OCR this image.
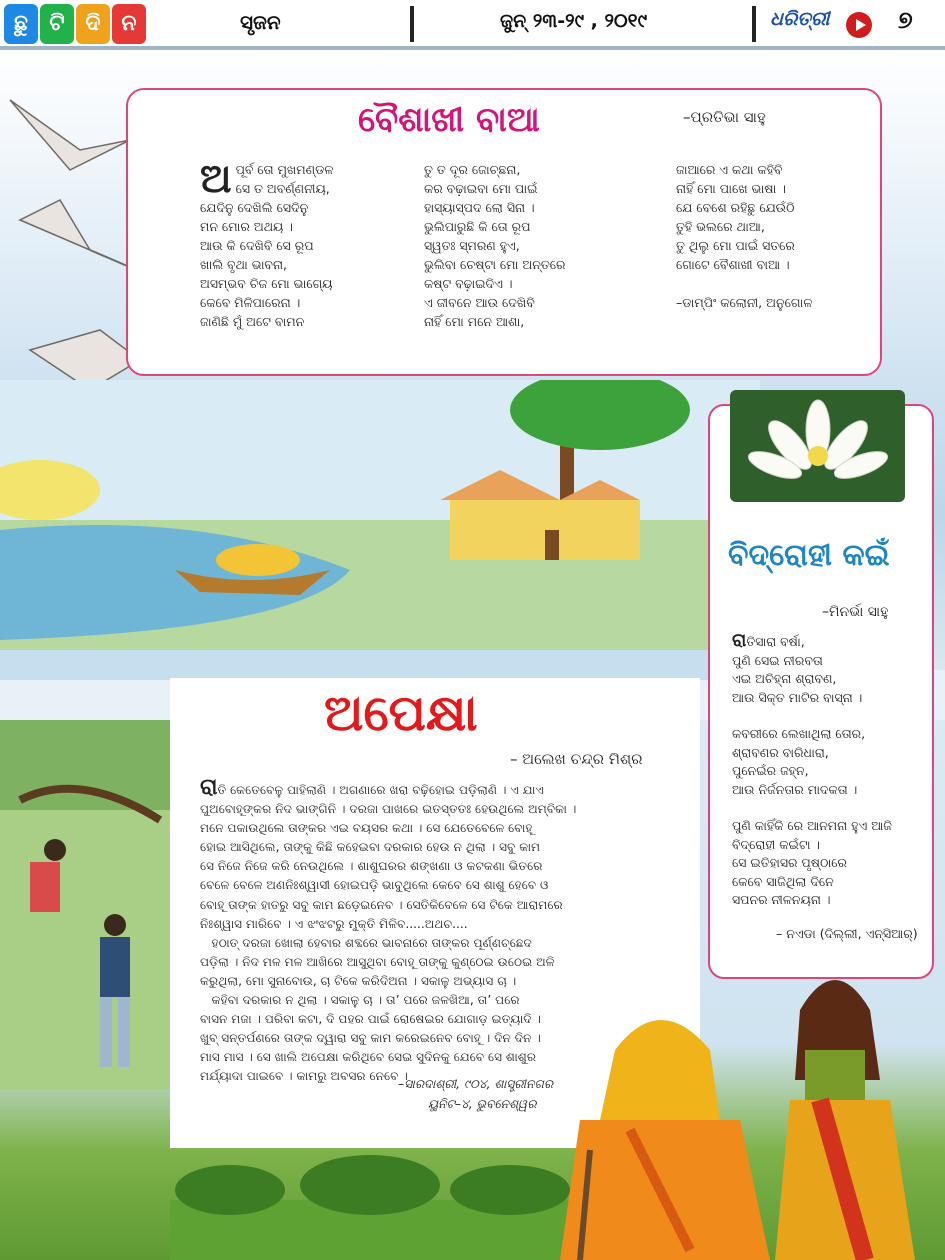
ଛୁ ଟି ଦି ନ	ସୃଜନ	ଜୁନ୍ ୨୩-୨୯ , ୨୦୧୯	ଧରିତ୍ରୀ	୭
ବୈଶାଖୀ ବାଆ	–ପ୍ରତିଭା ସାହୁ
ଅ ପୂର୍ବ ତୋ ମୁଖମଣ୍ଡଳ
ସେ ତ ଅବର୍ଣ୍ଣନୀୟ,
ଯେଦିନୁ ଦେଖିଲି ସେଦିନୁ
ମନ ମୋର ଅଥୟ ।
ଆଉ କି ଦେଖିବି ସେ ରୂପ
ଖାଲି ବୃଥା ଭାବନା,
ଅସମ୍ଭବ ଚିଜ ମୋ ଭାଗ୍ୟେ
କେବେ ମିଳିପାରେନା ।
ଜାଣିଛି ମୁଁ ଅଟେ ବାମନ
ତୁ ତ ଦୂର ଜୋଚ୍ଛନା,
କର ବଢ଼ାଇବା ମୋ ପାଇଁ
ହାସ୍ୟାସ୍ପଦ ଲୋ ସିନା ।
ଭୁଲିପାରୁଛି କି ତୋ ରୂପ
ସ୍ୱତଃ ସ୍ମରଣ ହୁଏ,
ଭୁଲିବା ଚେଷ୍ଟା ମୋ ଅନ୍ତରେ
କଷ୍ଟ ବଢ଼ାଇଦିଏ ।
ଏ ଜୀବନେ ଆଉ ଦେଖିବି
ନାହିଁ ମୋ ମନେ ଆଶା,
ଜାଆରେ ଏ କଥା କହିବି
ନାହିଁ ମୋ ପାଖେ ଭାଷା ।
ଯେ ବେଶେ ରହିଛୁ ଯେଉଁଠି
ତୁହି ଭଲରେ ଥାଆ,
ତୁ ଥିଲୁ ମୋ ପାଇଁ ସତରେ
ଗୋଟେ ବୈଶାଖୀ ବାଆ ।
–ଡାମ୍ପିଂ କଲୋନୀ, ଅନୁଗୋଳ
ବିଦ୍ରୋହୀ କଇଁ
–ମିନର୍ଭା ସାହୁ
ରାତିସାରା ବର୍ଷା,
ପୁଣି ସେଇ ନୀରବତା
ଏଇ ଅଚିହ୍ନା ଶ୍ରାବଣ,
ଆଉ ସିକ୍ତ ମାଟିର ବାସ୍ନା ।
କବରୀରେ ଲେଖାଥିଲା ତୋର,
ଶ୍ରାବଣର ବାରିଧାରା,
ପୁନେଇଁର ଜହ୍ନ,
ଆଉ ନିର୍ଜନତାର ମାଦକତା ।
ପୁଣି କାହିଁକି ରେ ଆନମନା ହୁଏ ଆଜି
ବିଦ୍ରୋହୀ କଇଁଟା ।
ସେ ଇତିହାସର ପୃଷ୍ଠାରେ
କେବେ ସାଜିଥିଲା ଦିନେ
ସପନର ନୀଳନୟନା ।
– ନଏଡା (ଦିଲ୍ଲୀ, ଏନ୍‌ସିଆର୍)
ଅପେକ୍ଷା
– ଅଲେଖ ଚନ୍ଦ୍ର ମିଶ୍ର
ରାତି କେତେବେଳୁ ପାହିଲାଣି । ଅଗଣାରେ ଖରା ବଢ଼ିହୋଇ ପଡ଼ିଲାଣି । ଏ ଯାଏ
ପୁଅବୋହୂଙ୍କର ନିଦ ଭାଙ୍ଗିନି । ଦରଜା ପାଖରେ ଇତସ୍ତତଃ ହେଉଥିଲେ ଅମ୍ବିକା ।
ମନେ ପକାଉଥିଲେ ତାଙ୍କର ଏଇ ବୟସର କଥା । ସେ ଯେତେବେଳେ ବୋହୂ
ହୋଇ ଆସିଥିଲେ, ତାଙ୍କୁ କିଛି କହେଇବା ଦରକାର ହେଉ ନ ଥିଲା । ସବୁ କାମ
ସେ ନିଜେ ନିଜେ କରି ନେଉଥିଲେ । ଶାଶୁଘରର ଶଙ୍ଖଣା ଓ କଟକଣା ଭିତରେ
ବେଳେ ବେଳେ ଅଣନିଃଶ୍ୱାସୀ ହୋଇପଡ଼ି ଭାବୁଥିଲେ କେବେ ସେ ଶାଶୁ ହେବେ ଓ
ବୋହୂ ତାଙ୍କ ହାତରୁ ସବୁ କାମ ଛଡ଼େଇନେବ । ସେତିକିବେଳେ ସେ ଟିକେ ଆରାମରେ
ନିଃଶ୍ୱାସ ମାରିବେ । ଏ ଝଂଝଟରୁ ମୁକ୍ତି ମିଳିବ.....ଅଥଚ....
ହଠାତ୍ ଦରଜା ଖୋଲା ହେବାର ଶବ୍ଦରେ ଭାବନାରେ ତାଙ୍କର ପୂର୍ଣ୍ଣଚ୍ଛେଦ
ପଡ଼ିଲା । ନିଦ ମଳ ମଳ ଆଖିରେ ଆସୁଥିବା ବୋହୂ ତାଙ୍କୁ କୁଣ୍ଠେଇ ଉଠେଇ ଅଳି
କରୁଥିଲା, ମୋ ସୁନାବୋଉ, ଚା ଟିକେ କରିଦିଅନା । ସକାଳୁ ଅଭ୍ୟାସ ଚା ।
କହିବା ଦରକାର ନ ଥିଲା । ସକାଳୁ ଚା । ତା’ ପରେ ଜଳଖିଆ, ତା’ ପରେ
ବାସନ ମଜା । ପରିବା କଟା, ଦି ପହର ପାଇଁ ରୋଷେଇର ଯୋଗାଡ଼ ଇତ୍ୟାଦି ।
ଖୁବ୍ ସନ୍ତର୍ପଣରେ ତାଙ୍କ ଦ୍ୱାରା ସବୁ କାମ କରେଇନେବ ବୋହୂ । ଦିନ ଦିନ ।
ମାସ ମାସ । ସେ ଖାଲି ଅପେକ୍ଷା କରିଥିବେ ସେଇ ସୁଦିନକୁ ଯେବେ ସେ ଶାଶୁର
ମର୍ଯ୍ୟାଦା ପାଇବେ । କାମରୁ ଅବସର ନେବେ ।
–ସାରଦାଶ୍ରୀ, ୯୦୪, ଶାସ୍ତ୍ରୀନଗର
ୟୁନିଟ–୪, ଭୁବନେଶ୍ୱର
